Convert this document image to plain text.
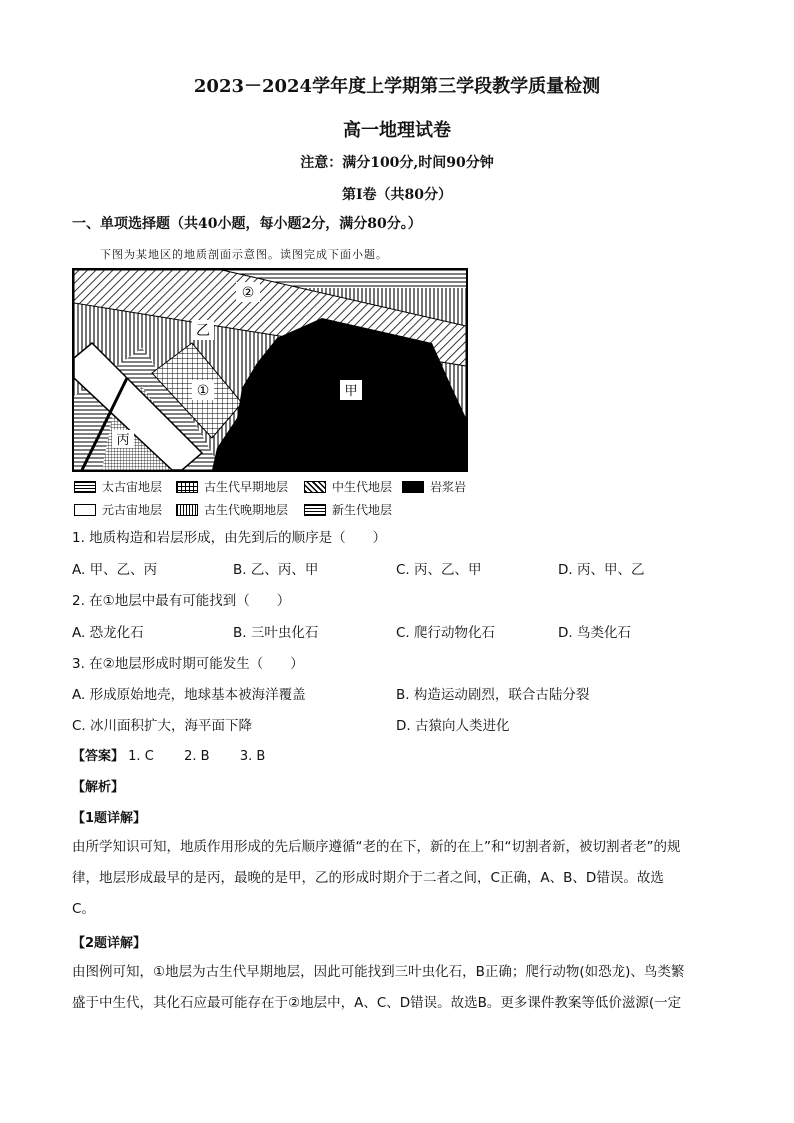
2023－2024学年度上学期第三学段教学质量检测
高一地理试卷
注意：满分100分,时间90分钟
第I卷（共80分）
一、单项选择题（共40小题，每小题2分，满分80分。）
下图为某地区的地质剖面示意图。读图完成下面小题。
②
乙
①	甲
丙
太古宙地层	古生代早期地层	中生代地层	岩浆岩
元古宙地层	古生代晚期地层	新生代地层
1. 地质构造和岩层形成，由先到后的顺序是（　　）
A. 甲、乙、丙	B. 乙、丙、甲	C. 丙、乙、甲	D. 丙、甲、乙
2. 在①地层中最有可能找到（　　）
A. 恐龙化石	B. 三叶虫化石	C. 爬行动物化石	D. 鸟类化石
3. 在②地层形成时期可能发生（　　）
A. 形成原始地壳，地球基本被海洋覆盖	B. 构造运动剧烈，联合古陆分裂
C. 冰川面积扩大，海平面下降	D. 古猿向人类进化
【答案】 1. C 2. B 3. B
【解析】
【1题详解】
由所学知识可知，地质作用形成的先后顺序遵循“老的在下，新的在上”和“切割者新，被切割者老”的规
律，地层形成最早的是丙，最晚的是甲，乙的形成时期介于二者之间，C正确，A、B、D错误。故选
C。
【2题详解】
由图例可知，①地层为古生代早期地层，因此可能找到三叶虫化石，B正确；爬行动物(如恐龙)、鸟类繁
盛于中生代，其化石应最可能存在于②地层中，A、C、D错误。故选B。更多课件教案等低价滋源(一定
